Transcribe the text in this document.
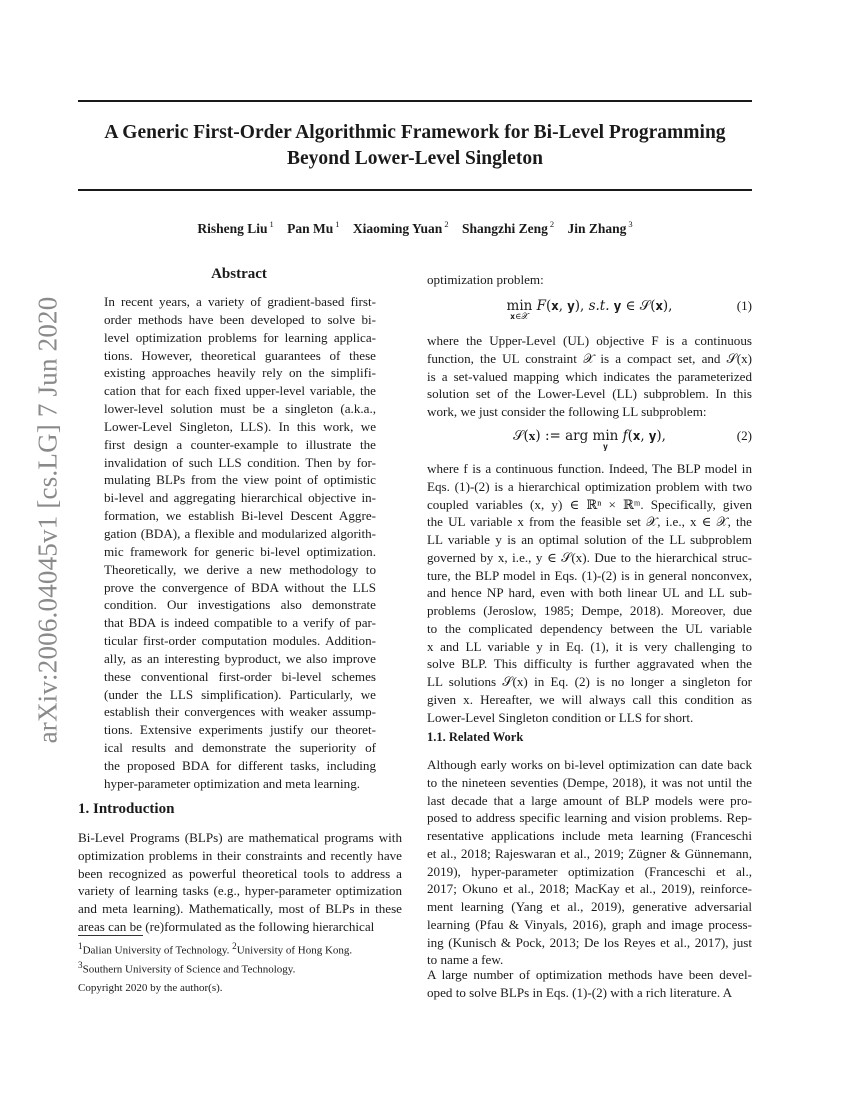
A Generic First-Order Algorithmic Framework for Bi-Level Programming
Beyond Lower-Level Singleton
Risheng Liu $^1$ Pan Mu $^1$ Xiaoming Yuan $^2$ Shangzhi Zeng $^2$ Jin Zhang $^3$
arXiv:2006.04045v1 [cs.LG] 7 Jun 2020
Abstract
In recent years, a variety of gradient-based first-
order methods have been developed to solve bi-
level optimization problems for learning applica-
tions. However, theoretical guarantees of these
existing approaches heavily rely on the simplifi-
cation that for each fixed upper-level variable, the
lower-level solution must be a singleton (a.k.a.,
Lower-Level Singleton, LLS). In this work, we
first design a counter-example to illustrate the
invalidation of such LLS condition. Then by for-
mulating BLPs from the view point of optimistic
bi-level and aggregating hierarchical objective in-
formation, we establish Bi-level Descent Aggre-
gation (BDA), a flexible and modularized algorith-
mic framework for generic bi-level optimization.
Theoretically, we derive a new methodology to
prove the convergence of BDA without the LLS
condition. Our investigations also demonstrate
that BDA is indeed compatible to a verify of par-
ticular first-order computation modules. Addition-
ally, as an interesting byproduct, we also improve
these conventional first-order bi-level schemes
(under the LLS simplification). Particularly, we
establish their convergences with weaker assump-
tions. Extensive experiments justify our theoret-
ical results and demonstrate the superiority of
the proposed BDA for different tasks, including
hyper-parameter optimization and meta learning.
1. Introduction
Bi-Level Programs (BLPs) are mathematical programs with
optimization problems in their constraints and recently have
been recognized as powerful theoretical tools to address a
variety of learning tasks (e.g., hyper-parameter optimization
and meta learning). Mathematically, most of BLPs in these
areas can be (re)formulated as the following hierarchical
$^1$Dalian University of Technology. $^2$University of Hong Kong.
$^3$Southern University of Science and Technology.
Copyright 2020 by the author(s).
optimization problem:
min
𝐱∈𝒳
F(𝐱, 𝐲), s.t. 𝐲 ∈ 𝒮(𝐱),	(1)
where the Upper-Level (UL) objective F is a continuous
function, the UL constraint 𝒳 is a compact set, and 𝒮(x)
is a set-valued mapping which indicates the parameterized
solution set of the Lower-Level (LL) subproblem. In this
work, we just consider the following LL subproblem:
𝒮(𝐱) := arg min
𝐲
f(𝐱, 𝐲),	(2)
where f is a continuous function. Indeed, The BLP model in
Eqs. (1)-(2) is a hierarchical optimization problem with two
coupled variables (x, y) ∈ ℝⁿ × ℝᵐ. Specifically, given
the UL variable x from the feasible set 𝒳, i.e., x ∈ 𝒳, the
LL variable y is an optimal solution of the LL subproblem
governed by x, i.e., y ∈ 𝒮(x). Due to the hierarchical struc-
ture, the BLP model in Eqs. (1)-(2) is in general nonconvex,
and hence NP hard, even with both linear UL and LL sub-
problems (Jeroslow, 1985; Dempe, 2018). Moreover, due
to the complicated dependency between the UL variable
x and LL variable y in Eq. (1), it is very challenging to
solve BLP. This difficulty is further aggravated when the
LL solutions 𝒮(x) in Eq. (2) is no longer a singleton for
given x. Hereafter, we will always call this condition as
Lower-Level Singleton condition or LLS for short.
1.1. Related Work
Although early works on bi-level optimization can date back
to the nineteen seventies (Dempe, 2018), it was not until the
last decade that a large amount of BLP models were pro-
posed to address specific learning and vision problems. Rep-
resentative applications include meta learning (Franceschi
et al., 2018; Rajeswaran et al., 2019; Zügner & Günnemann,
2019), hyper-parameter optimization (Franceschi et al.,
2017; Okuno et al., 2018; MacKay et al., 2019), reinforce-
ment learning (Yang et al., 2019), generative adversarial
learning (Pfau & Vinyals, 2016), graph and image process-
ing (Kunisch & Pock, 2013; De los Reyes et al., 2017), just
to name a few.
A large number of optimization methods have been devel-
oped to solve BLPs in Eqs. (1)-(2) with a rich literature. A
